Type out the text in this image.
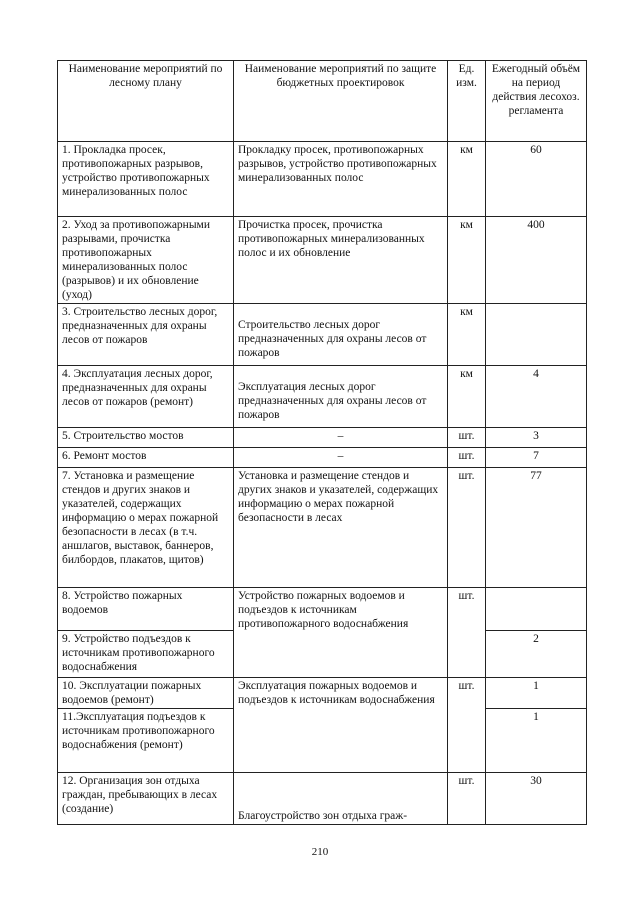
Наименование мероприятий по лесному плану	Наименование мероприятий по защите бюджетных проектировок	Ед. изм.	Ежегодный объём на период действия лесохоз. регламента
1. Прокладка просек, противопожарных разрывов, устройство противопожарных минерализованных полос	Прокладку просек, противопожарных разрывов, устройство противопожарных минерализованных полос	км	60
2. Уход за противопожарными разрывами, прочистка противопожарных минерализованных полос (разрывов) и их обновление (уход)	Прочистка просек, прочистка противопожарных минерализованных полос и их обновление	км	400
3. Строительство лесных дорог, предназначенных для охраны лесов от пожаров	Строительство лесных дорог предназначенных для охраны лесов от пожаров	км	
4. Эксплуатация лесных дорог, предназначенных для охраны лесов от пожаров (ремонт)	Эксплуатация лесных дорог предназначенных для охраны лесов от пожаров	км	4
5. Строительство мостов	–	шт.	3
6. Ремонт мостов	–	шт.	7
7. Установка и размещение стендов и других знаков и указателей, содержащих информацию о мерах пожарной безопасности в лесах (в т.ч. аншлагов, выставок, баннеров, билбордов, плакатов, щитов)	Установка и размещение стендов и других знаков и указателей, содержащих информацию о мерах пожарной безопасности в лесах	шт.	77
8. Устройство пожарных водоемов	Устройство пожарных водоемов и подъездов к источникам противопожарного водоснабжения	шт.	
9. Устройство подъездов к источникам противопожарного водоснабжения			2
10. Эксплуатации пожарных водоемов (ремонт)	Эксплуатация пожарных водоемов и подъездов к источникам водоснабжения	шт.	1
11.Эксплуатация подъездов к источникам противопожарного водоснабжения (ремонт)			1
12. Организация зон отдыха граждан, пребывающих в лесах (создание)	Благоустройство зон отдыха граж-	шт.	30
210
